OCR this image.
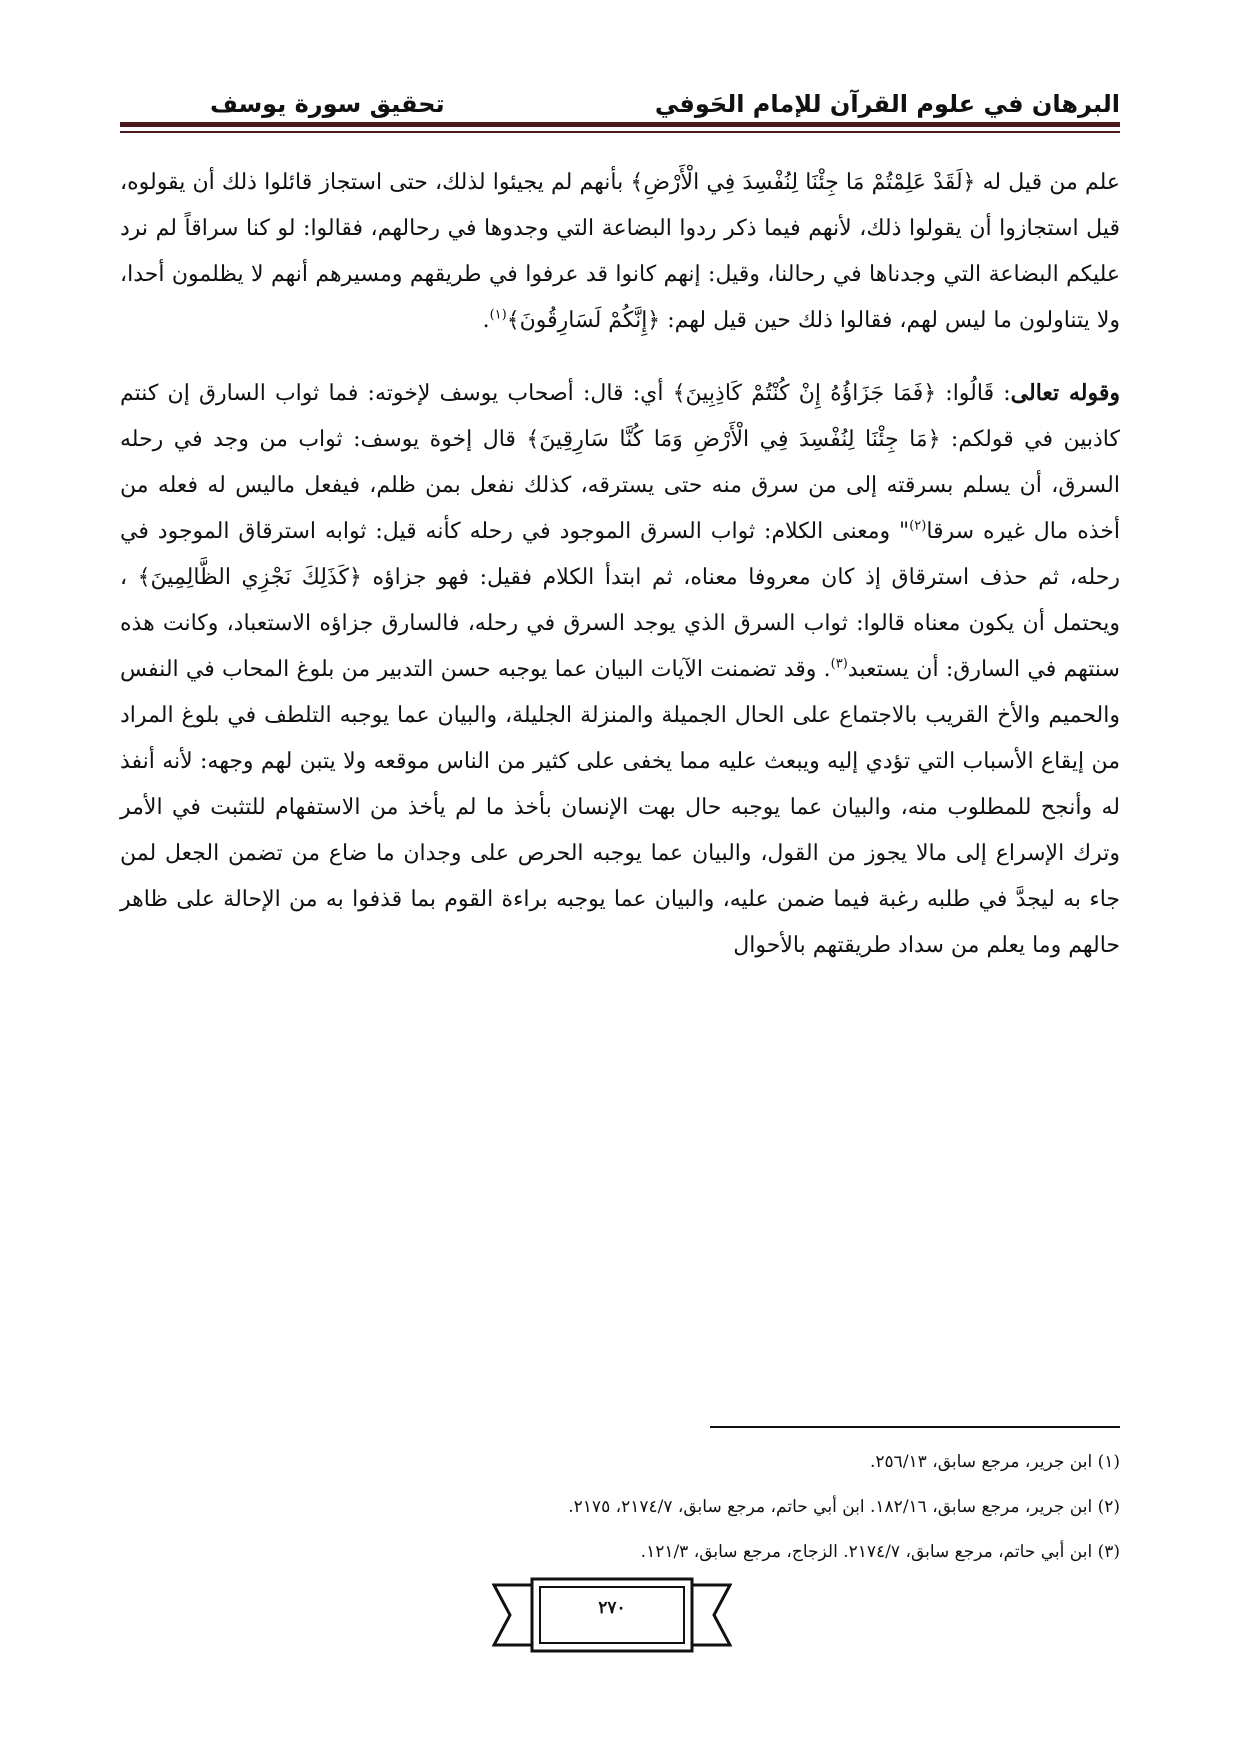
البرهان في علوم القرآن للإمام الحَوفي
تحقيق سورة يوسف

علم من قيل له ﴿لَقَدْ عَلِمْتُمْ مَا جِئْنَا لِنُفْسِدَ فِي الْأَرْضِ﴾ بأنهم لم يجيئوا لذلك، حتى استجاز قائلوا ذلك أن يقولوه، قيل استجازوا أن يقولوا ذلك، لأنهم فيما ذكر ردوا البضاعة التي وجدوها في رحالهم، فقالوا: لو كنا سراقاً لم نرد عليكم البضاعة التي وجدناها في رحالنا، وقيل: إنهم كانوا قد عرفوا في طريقهم ومسيرهم أنهم لا يظلمون أحدا، ولا يتناولون ما ليس لهم، فقالوا ذلك حين قيل لهم: ﴿إِنَّكُمْ لَسَارِقُونَ﴾$^{(١)}$.

وقوله تعالى: قَالُوا: ﴿فَمَا جَزَاؤُهُ إِنْ كُنْتُمْ كَاذِبِينَ﴾ أي: قال: أصحاب يوسف لإخوته: فما ثواب السارق إن كنتم كاذبين في قولكم: ﴿مَا جِئْنَا لِنُفْسِدَ فِي الْأَرْضِ وَمَا كُنَّا سَارِقِينَ﴾ قال إخوة يوسف: ثواب من وجد في رحله السرق، أن يسلم بسرقته إلى من سرق منه حتى يسترقه، كذلك نفعل بمن ظلم، فيفعل ماليس له فعله من أخذه مال غيره سرقا$^{(٢)}$" ومعنى الكلام: ثواب السرق الموجود في رحله كأنه قيل: ثوابه استرقاق الموجود في رحله، ثم حذف استرقاق إذ كان معروفا معناه، ثم ابتدأ الكلام فقيل: فهو جزاؤه ﴿كَذَلِكَ نَجْزِي الظَّالِمِينَ﴾ ، ويحتمل أن يكون معناه قالوا: ثواب السرق الذي يوجد السرق في رحله، فالسارق جزاؤه الاستعباد، وكانت هذه سنتهم في السارق: أن يستعبد$^{(٣)}$. وقد تضمنت الآيات البيان عما يوجبه حسن التدبير من بلوغ المحاب في النفس والحميم والأخ القريب بالاجتماع على الحال الجميلة والمنزلة الجليلة، والبيان عما يوجبه التلطف في بلوغ المراد من إيقاع الأسباب التي تؤدي إليه ويبعث عليه مما يخفى على كثير من الناس موقعه ولا يتبن لهم وجهه: لأنه أنفذ له وأنجح للمطلوب منه، والبيان عما يوجبه حال بهت الإنسان بأخذ ما لم يأخذ من الاستفهام للتثبت في الأمر وترك الإسراع إلى مالا يجوز من القول، والبيان عما يوجبه الحرص على وجدان ما ضاع من تضمن الجعل لمن جاء به ليجدَّ في طلبه رغبة فيما ضمن عليه، والبيان عما يوجبه براءة القوم بما قذفوا به من الإحالة على ظاهر حالهم وما يعلم من سداد طريقتهم بالأحوال

(١) ابن جرير، مرجع سابق، ٢٥٦/١٣.

(٢) ابن جرير، مرجع سابق، ١٨٢/١٦. ابن أبي حاتم، مرجع سابق، ٢١٧٤/٧، ٢١٧٥.

(٣) ابن أبي حاتم، مرجع سابق، ٢١٧٤/٧. الزجاج، مرجع سابق، ١٢١/٣.

٢٧٠
